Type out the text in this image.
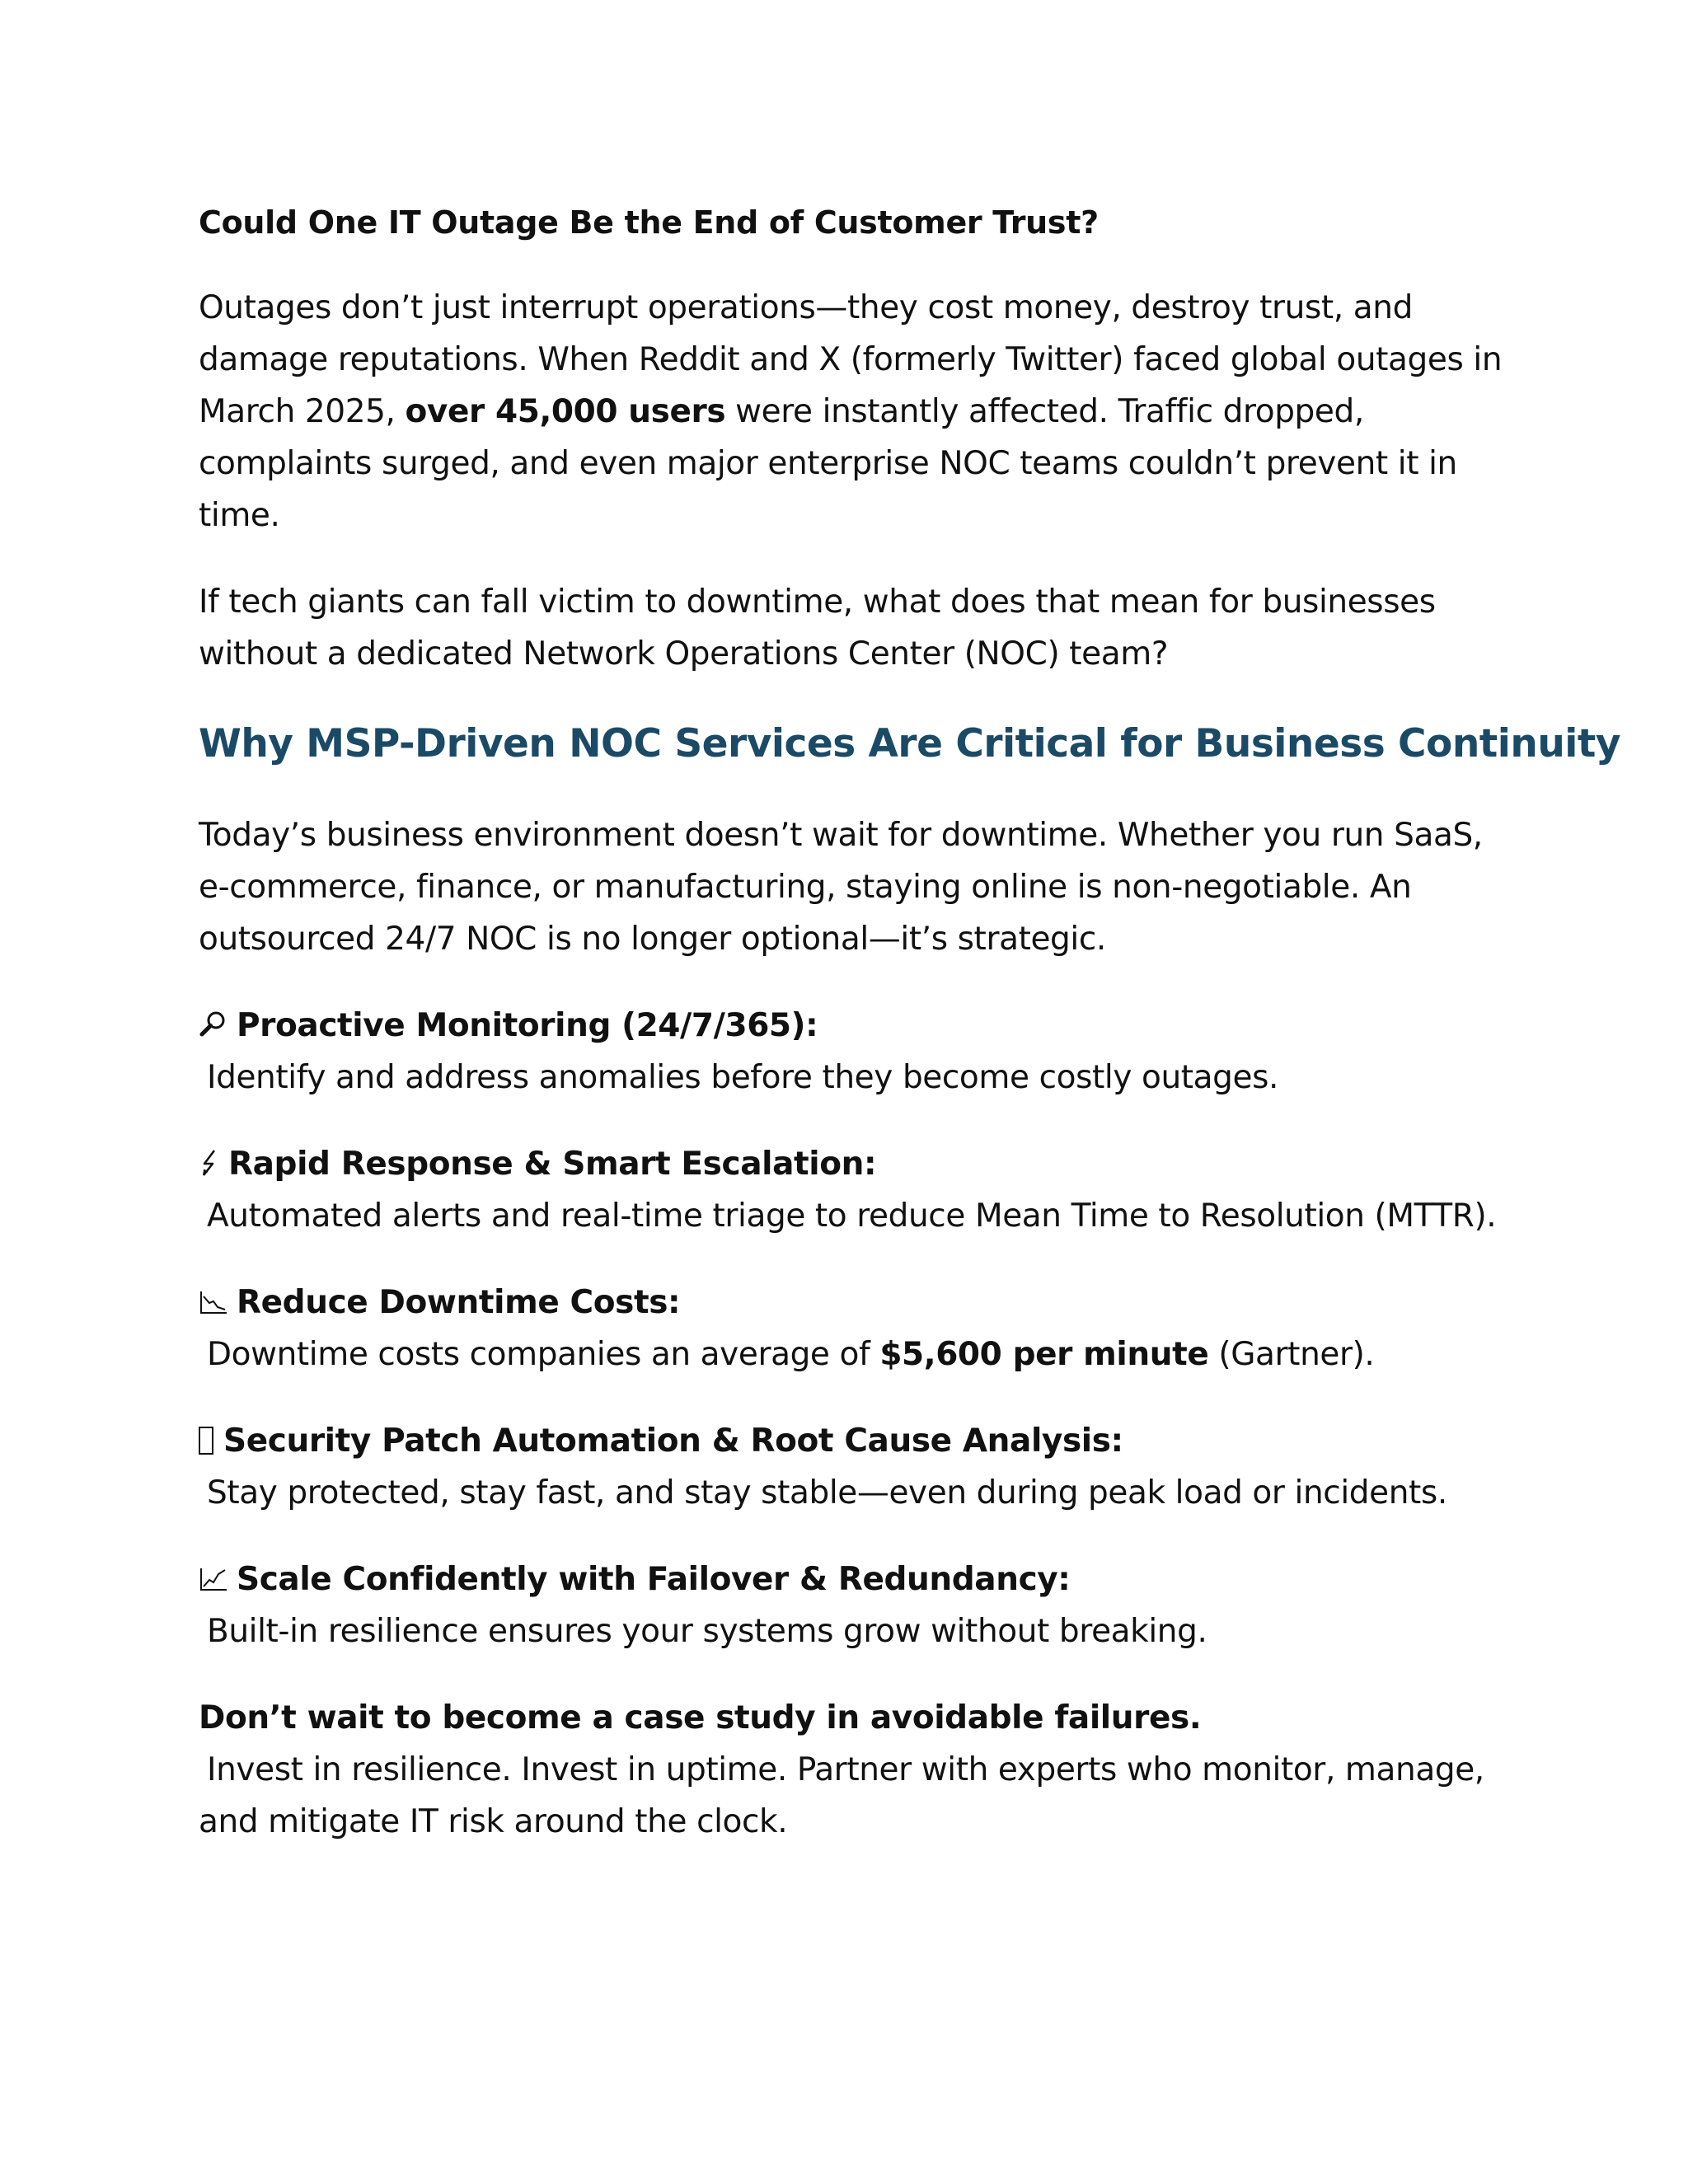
Could One IT Outage Be the End of Customer Trust?
Outages don’t just interrupt operations—they cost money, destroy trust, and
damage reputations. When Reddit and X (formerly Twitter) faced global outages in
March 2025, over 45,000 users were instantly affected. Traffic dropped,
complaints surged, and even major enterprise NOC teams couldn’t prevent it in
time.
If tech giants can fall victim to downtime, what does that mean for businesses
without a dedicated Network Operations Center (NOC) team?
Why MSP-Driven NOC Services Are Critical for Business Continuity
Today’s business environment doesn’t wait for downtime. Whether you run SaaS,
e-commerce, finance, or manufacturing, staying online is non-negotiable. An
outsourced 24/7 NOC is no longer optional—it’s strategic.
Proactive Monitoring (24/7/365):
Identify and address anomalies before they become costly outages.
Rapid Response & Smart Escalation:
Automated alerts and real-time triage to reduce Mean Time to Resolution (MTTR).
Reduce Downtime Costs:
Downtime costs companies an average of $5,600 per minute (Gartner).
Security Patch Automation & Root Cause Analysis:
Stay protected, stay fast, and stay stable—even during peak load or incidents.
Scale Confidently with Failover & Redundancy:
Built-in resilience ensures your systems grow without breaking.
Don’t wait to become a case study in avoidable failures.
Invest in resilience. Invest in uptime. Partner with experts who monitor, manage,
and mitigate IT risk around the clock.
